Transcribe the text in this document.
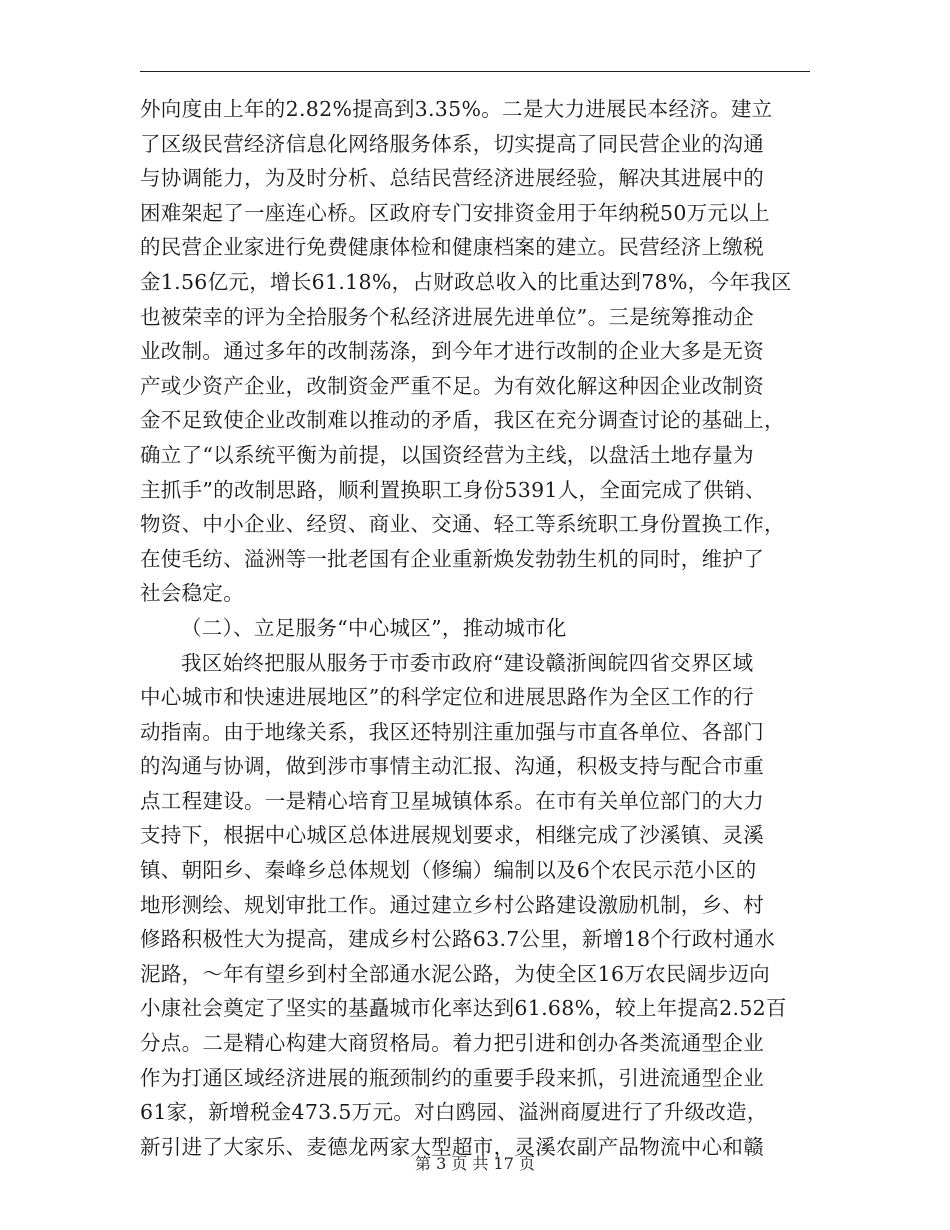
外向度由上年的2.82%提高到3.35%。二是大力进展民本经济。建立
了区级民营经济信息化网络服务体系，切实提高了同民营企业的沟通
与协调能力，为及时分析、总结民营经济进展经验，解决其进展中的
困难架起了一座连心桥。区政府专门安排资金用于年纳税50万元以上
的民营企业家进行免费健康体检和健康档案的建立。民营经济上缴税
金1.56亿元，增长61.18%，占财政总收入的比重达到78%，今年我区
也被荣幸的评为全拾服务个私经济进展先进单位”。三是统筹推动企
业改制。通过多年的改制荡涤，到今年才进行改制的企业大多是无资
产或少资产企业，改制资金严重不足。为有效化解这种因企业改制资
金不足致使企业改制难以推动的矛盾，我区在充分调查讨论的基础上，
确立了“以系统平衡为前提，以国资经营为主线，以盘活土地存量为
主抓手”的改制思路，顺利置换职工身份5391人，全面完成了供销、
物资、中小企业、经贸、商业、交通、轻工等系统职工身份置换工作，
在使毛纺、溢洲等一批老国有企业重新焕发勃勃生机的同时，维护了
社会稳定。
（二）、立足服务“中心城区”，推动城市化
我区始终把服从服务于市委市政府“建设赣浙闽皖四省交界区域
中心城市和快速进展地区”的科学定位和进展思路作为全区工作的行
动指南。由于地缘关系，我区还特别注重加强与市直各单位、各部门
的沟通与协调，做到涉市事情主动汇报、沟通，积极支持与配合市重
点工程建设。一是精心培育卫星城镇体系。在市有关单位部门的大力
支持下，根据中心城区总体进展规划要求，相继完成了沙溪镇、灵溪
镇、朝阳乡、秦峰乡总体规划（修编）编制以及6个农民示范小区的
地形测绘、规划审批工作。通过建立乡村公路建设激励机制，乡、村
修路积极性大为提高，建成乡村公路63.7公里，新增18个行政村通水
泥路，～年有望乡到村全部通水泥公路，为使全区16万农民阔步迈向
小康社会奠定了坚实的基矗城市化率达到61.68%，较上年提高2.52百
分点。二是精心构建大商贸格局。着力把引进和创办各类流通型企业
作为打通区域经济进展的瓶颈制约的重要手段来抓，引进流通型企业
61家，新增税金473.5万元。对白鸥园、溢洲商厦进行了升级改造，
新引进了大家乐、麦德龙两家大型超市，灵溪农副产品物流中心和赣
第 3 页 共 17 页
